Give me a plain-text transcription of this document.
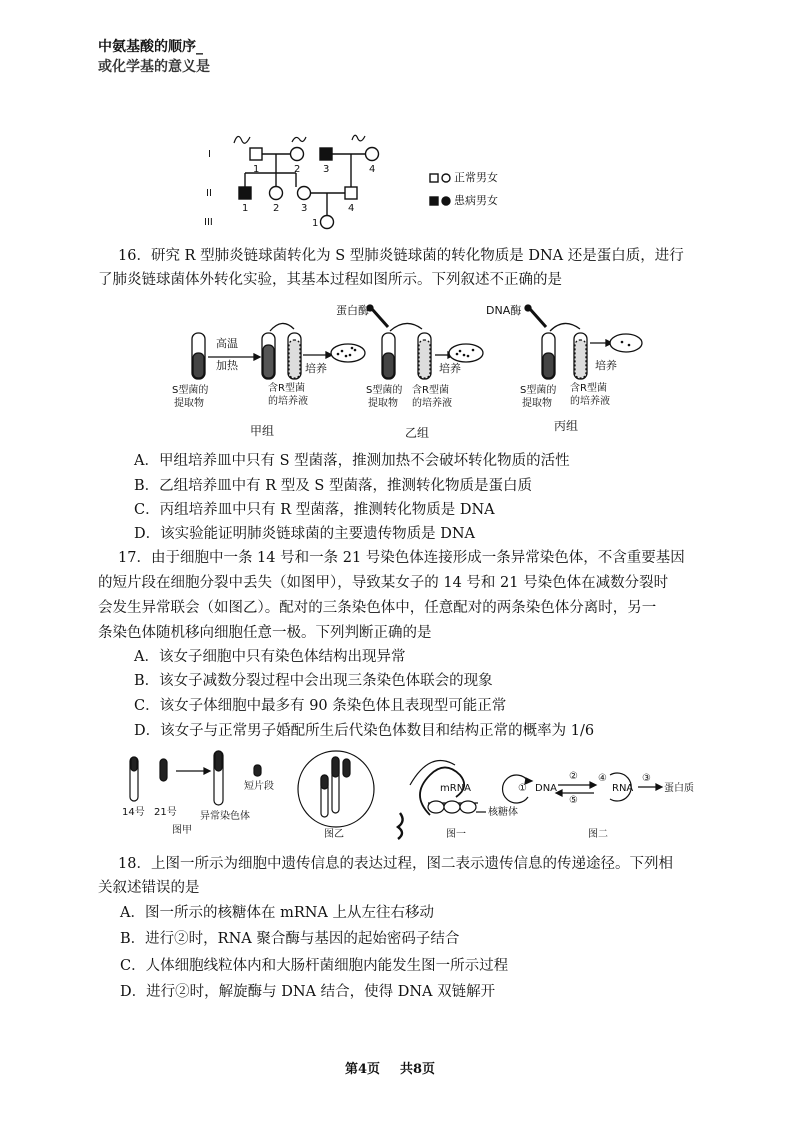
中氨基酸的顺序_
或化学基的意义是
I
II
III
1	2 3	4
1 2 3	4
1
正常男女
患病男女
16．研究 R 型肺炎链球菌转化为 S 型肺炎链球菌的转化物质是 DNA 还是蛋白质，进行
了肺炎链球菌体外转化实验，其基本过程如图所示。下列叙述不正确的是
高温
加热
蛋白酶	DNA酶
培养	培养	培养
S型菌的
提取物
含R型菌
的培养液
S型菌的
提取物
含R型菌
的培养液
S型菌的
提取物
含R型菌
的培养液
甲组	乙组	丙组
A．甲组培养皿中只有 S 型菌落，推测加热不会破坏转化物质的活性
B．乙组培养皿中有 R 型及 S 型菌落，推测转化物质是蛋白质
C．丙组培养皿中只有 R 型菌落，推测转化物质是 DNA
D．该实验能证明肺炎链球菌的主要遗传物质是 DNA
17．由于细胞中一条 14 号和一条 21 号染色体连接形成一条异常染色体，不含重要基因
的短片段在细胞分裂中丢失（如图甲），导致某女子的 14 号和 21 号染色体在减数分裂时
会发生异常联会（如图乙）。配对的三条染色体中，任意配对的两条染色体分离时，另一
条染色体随机移向细胞任意一极。下列判断正确的是
A．该女子细胞中只有染色体结构出现异常
B．该女子减数分裂过程中会出现三条染色体联会的现象
C．该女子体细胞中最多有 90 条染色体且表现型可能正常
D．该女子与正常男子婚配所生后代染色体数目和结构正常的概率为 1/6
14号 21号 异常染色体
短片段
图甲	图乙
mRNA
核糖体
图一
① DNA
②
⑤
④
RNA
③
蛋白质
图二
18．上图一所示为细胞中遗传信息的表达过程，图二表示遗传信息的传递途径。下列相
关叙述错误的是
A．图一所示的核糖体在 mRNA 上从左往右移动
B．进行②时，RNA 聚合酶与基因的起始密码子结合
C．人体细胞线粒体内和大肠杆菌细胞内能发生图一所示过程
D．进行②时，解旋酶与 DNA 结合，使得 DNA 双链解开
第4页 共8页
